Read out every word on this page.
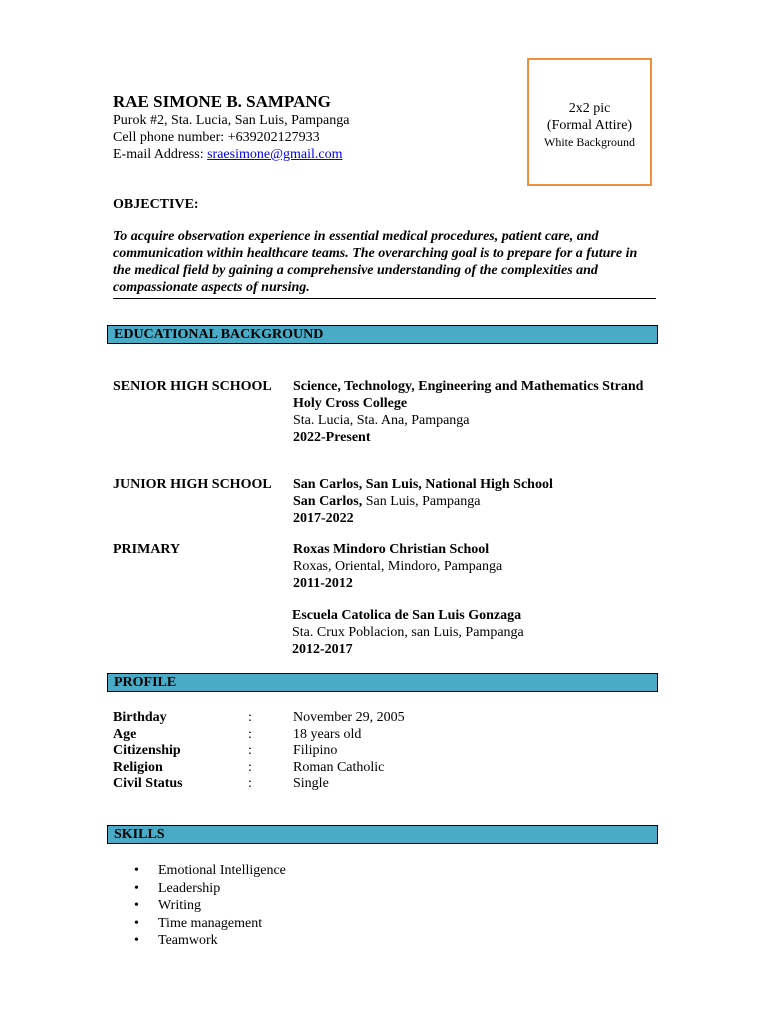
RAE SIMONE B. SAMPANG
Purok #2, Sta. Lucia, San Luis, Pampanga
Cell phone number: +639202127933
E-mail Address: sraesimone@gmail.com
2x2 pic
(Formal Attire)
White Background
OBJECTIVE:
To acquire observation experience in essential medical procedures, patient care, and communication within healthcare teams. The overarching goal is to prepare for a future in the medical field by gaining a comprehensive understanding of the complexities and compassionate aspects of nursing.
EDUCATIONAL BACKGROUND
SENIOR HIGH SCHOOL Science, Technology, Engineering and Mathematics Strand
Holy Cross College
Sta. Lucia, Sta. Ana, Pampanga
2022-Present
JUNIOR HIGH SCHOOL San Carlos, San Luis, National High School
San Carlos, San Luis, Pampanga
2017-2022
PRIMARY	Roxas Mindoro Christian School
Roxas, Oriental, Mindoro, Pampanga
2011-2012
Escuela Catolica de San Luis Gonzaga
Sta. Crux Poblacion, san Luis, Pampanga
2012-2017
PROFILE
Birthday	:	November 29, 2005
Age	:	18 years old
Citizenship	:	Filipino
Religion	:	Roman Catholic
Civil Status	:	Single
SKILLS
• Emotional Intelligence
• Leadership
• Writing
• Time management
• Teamwork
